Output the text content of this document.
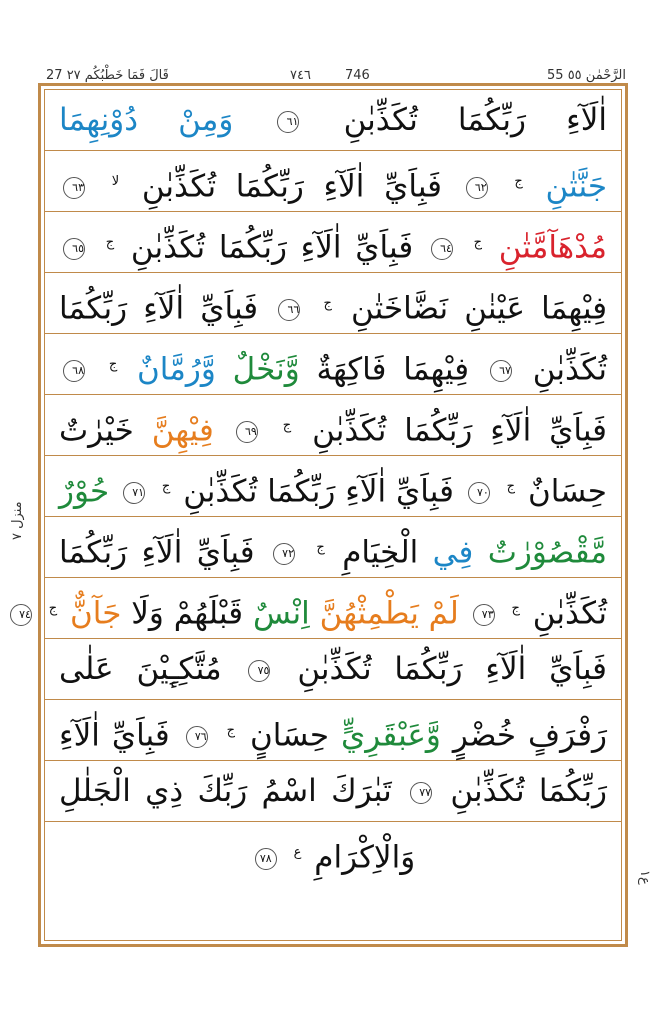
27 قَالَ فَمَا خَطْبُكُم ٢٧	٧٤٦	746	55 الرَّحْمٰن ٥٥
منزل ٧
ع١
اٰلَآءِ رَبِّكُمَا تُكَذِّبٰنِ ٦١ وَمِنْ دُوْنِهِمَا
جَنَّتٰنِ $^ج$ ٦٢ فَبِاَيِّ اٰلَآءِ رَبِّكُمَا تُكَذِّبٰنِ $^{لا}$ ٦٣
مُدْهَآمَّتٰنِ $^ج$ ٦٤ فَبِاَيِّ اٰلَآءِ رَبِّكُمَا تُكَذِّبٰنِ $^ج$ ٦٥
فِيْهِمَا عَيْنٰنِ نَضَّاخَتٰنِ $^ج$ ٦٦ فَبِاَيِّ اٰلَآءِ رَبِّكُمَا
تُكَذِّبٰنِ ٦٧ فِيْهِمَا فَاكِهَةٌ وَّنَخْلٌ وَّرُمَّانٌ $^ج$ ٦٨
فَبِاَيِّ اٰلَآءِ رَبِّكُمَا تُكَذِّبٰنِ $^ج$ ٦٩ فِيْهِنَّ خَيْرٰتٌ
حِسَانٌ $^ج$ ٧٠ فَبِاَيِّ اٰلَآءِ رَبِّكُمَا تُكَذِّبٰنِ $^ج$ ٧١ حُوْرٌ
مَّقْصُوْرٰتٌ فِي الْخِيَامِ $^ج$ ٧٢ فَبِاَيِّ اٰلَآءِ رَبِّكُمَا
تُكَذِّبٰنِ $^ج$ ٧٣ لَمْ يَطْمِثْهُنَّ اِنْسٌ قَبْلَهُمْ وَلَا جَآنٌّ $^ج$ ٧٤
فَبِاَيِّ اٰلَآءِ رَبِّكُمَا تُكَذِّبٰنِ ٧٥ مُتَّكِـِٕيْنَ عَلٰى
رَفْرَفٍ خُضْرٍ وَّعَبْقَرِيٍّ حِسَانٍ $^ج$ ٧٦ فَبِاَيِّ اٰلَآءِ
رَبِّكُمَا تُكَذِّبٰنِ ٧٧ تَبٰرَكَ اسْمُ رَبِّكَ ذِي الْجَلٰلِ
وَالْاِكْرَامِ $^ع$ ٧٨
